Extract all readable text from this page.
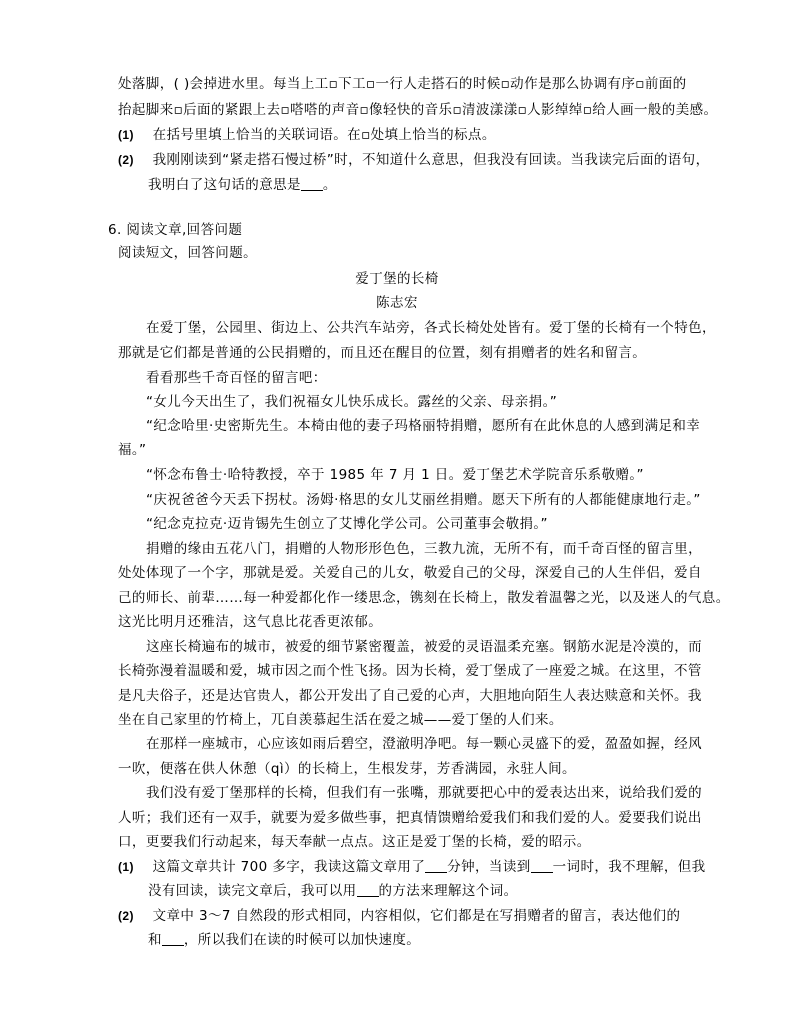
处落脚，( )会掉进水里。每当上工▫下工▫一行人走搭石的时候▫动作是那么协调有序▫前面的
抬起脚来▫后面的紧跟上去▫嗒嗒的声音▫像轻快的音乐▫清波漾漾▫人影绰绰▫给人画一般的美感。
(1) 在括号里填上恰当的关联词语。在▫处填上恰当的标点。
(2) 我刚刚读到“紧走搭石慢过桥”时，不知道什么意思，但我没有回读。当我读完后面的语句，
我明白了这句话的意思是 。
6. 阅读文章,回答问题
阅读短文，回答问题。
爱丁堡的长椅
陈志宏
在爱丁堡，公园里、街边上、公共汽车站旁，各式长椅处处皆有。爱丁堡的长椅有一个特色，
那就是它们都是普通的公民捐赠的，而且还在醒目的位置，刻有捐赠者的姓名和留言。
看看那些千奇百怪的留言吧：
“女儿今天出生了，我们祝福女儿快乐成长。露丝的父亲、母亲捐。”
“纪念哈里·史密斯先生。本椅由他的妻子玛格丽特捐赠，愿所有在此休息的人感到满足和幸
福。”
“怀念布鲁士·哈特教授，卒于 1985 年 7 月 1 日。爱丁堡艺术学院音乐系敬赠。”
“庆祝爸爸今天丢下拐杖。汤姆·格思的女儿艾丽丝捐赠。愿天下所有的人都能健康地行走。”
“纪念克拉克·迈肯锡先生创立了艾博化学公司。公司董事会敬捐。”
捐赠的缘由五花八门，捐赠的人物形形色色，三教九流，无所不有，而千奇百怪的留言里，
处处体现了一个字，那就是爱。关爱自己的儿女，敬爱自己的父母，深爱自己的人生伴侣，爱自
己的师长、前辈……每一种爱都化作一缕思念，镌刻在长椅上，散发着温馨之光，以及迷人的气息。
这光比明月还雅洁，这气息比花香更浓郁。
这座长椅遍布的城市，被爱的细节紧密覆盖，被爱的灵语温柔充塞。钢筋水泥是冷漠的，而
长椅弥漫着温暖和爱，城市因之而个性飞扬。因为长椅，爱丁堡成了一座爱之城。在这里，不管
是凡夫俗子，还是达官贵人，都公开发出了自己爱的心声，大胆地向陌生人表达赎意和关怀。我
坐在自己家里的竹椅上，兀自羡慕起生活在爱之城——爱丁堡的人们来。
在那样一座城市，心应该如雨后碧空，澄澈明净吧。每一颗心灵盛下的爱，盈盈如握，经风
一吹，便落在供人休憩（qì）的长椅上，生根发芽，芳香满园，永驻人间。
我们没有爱丁堡那样的长椅，但我们有一张嘴，那就要把心中的爱表达出来，说给我们爱的
人听；我们还有一双手，就要为爱多做些事，把真情馈赠给爱我们和我们爱的人。爱要我们说出
口，更要我们行动起来，每天奉献一点点。这正是爱丁堡的长椅，爱的昭示。
(1) 这篇文章共计 700 多字，我读这篇文章用了 分钟，当读到 一词时，我不理解，但我
没有回读，读完文章后，我可以用 的方法来理解这个词。
(2) 文章中 3～7 自然段的形式相同，内容相似，它们都是在写捐赠者的留言，表达他们的
和 ，所以我们在读的时候可以加快速度。
